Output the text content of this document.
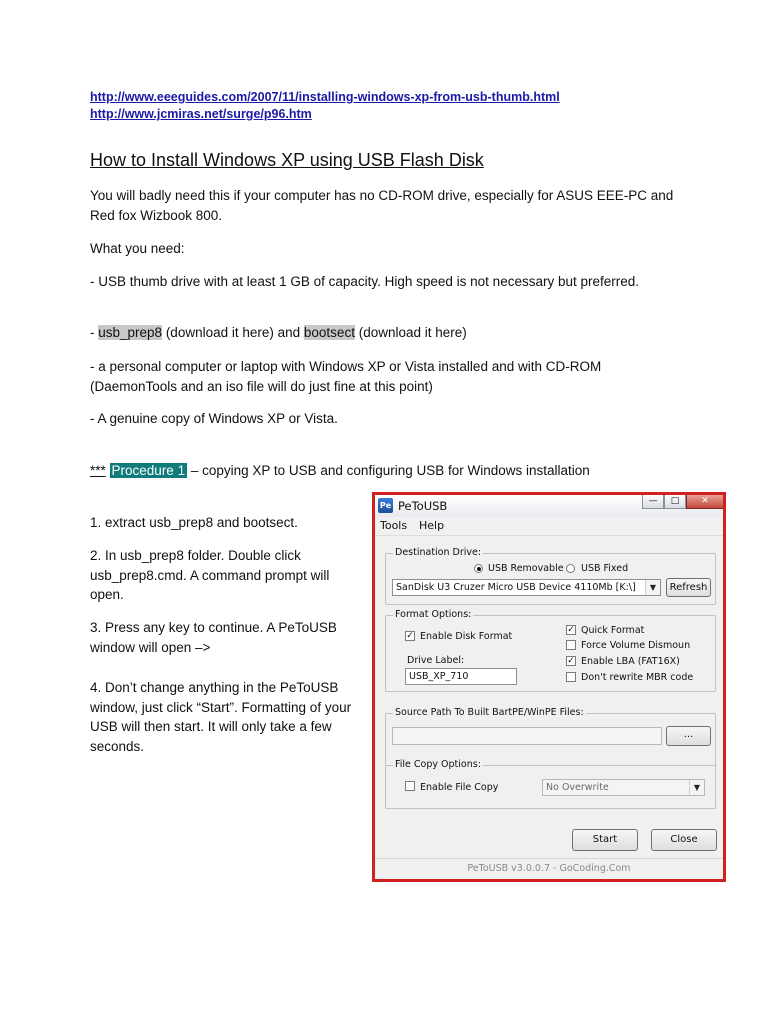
http://www.eeeguides.com/2007/11/installing-windows-xp-from-usb-thumb.html
http://www.jcmiras.net/surge/p96.htm
How to Install Windows XP using USB Flash Disk

You will badly need this if your computer has no CD-ROM drive, especially for ASUS EEE-PC and Red fox Wizbook 800.

What you need:

- USB thumb drive with at least 1 GB of capacity. High speed is not necessary but preferred.

- usb_prep8 (download it here) and bootsect (download it here)

- a personal computer or laptop with Windows XP or Vista installed and with CD-ROM (DaemonTools and an iso file will do just fine at this point)

- A genuine copy of Windows XP or Vista.

*** Procedure 1 – copying XP to USB and configuring USB for Windows installation

1. extract usb_prep8 and bootsect.

2. In usb_prep8 folder. Double click usb_prep8.cmd. A command prompt will open.

3. Press any key to continue. A PeToUSB window will open –>

4. Don’t change anything in the PeToUSB window, just click “Start”. Formatting of your USB will then start. It will only take a few seconds.

Pe PeToUSB	—	□	✕
Tools Help
Destination Drive:
USB Removable USB Fixed
SanDisk U3 Cruzer Micro USB Device 4110Mb [K:\]	▼	Refresh
Format Options:
✓ Enable Disk Format
Drive Label:
USB_XP_710
✓ Quick Format
Force Volume Dismoun
✓ Enable LBA (FAT16X)
Don't rewrite MBR code
Source Path To Built BartPE/WinPE Files:
...
File Copy Options:
Enable File Copy	No Overwrite	▼
Start	Close
PeToUSB v3.0.0.7 - GoCoding.Com
